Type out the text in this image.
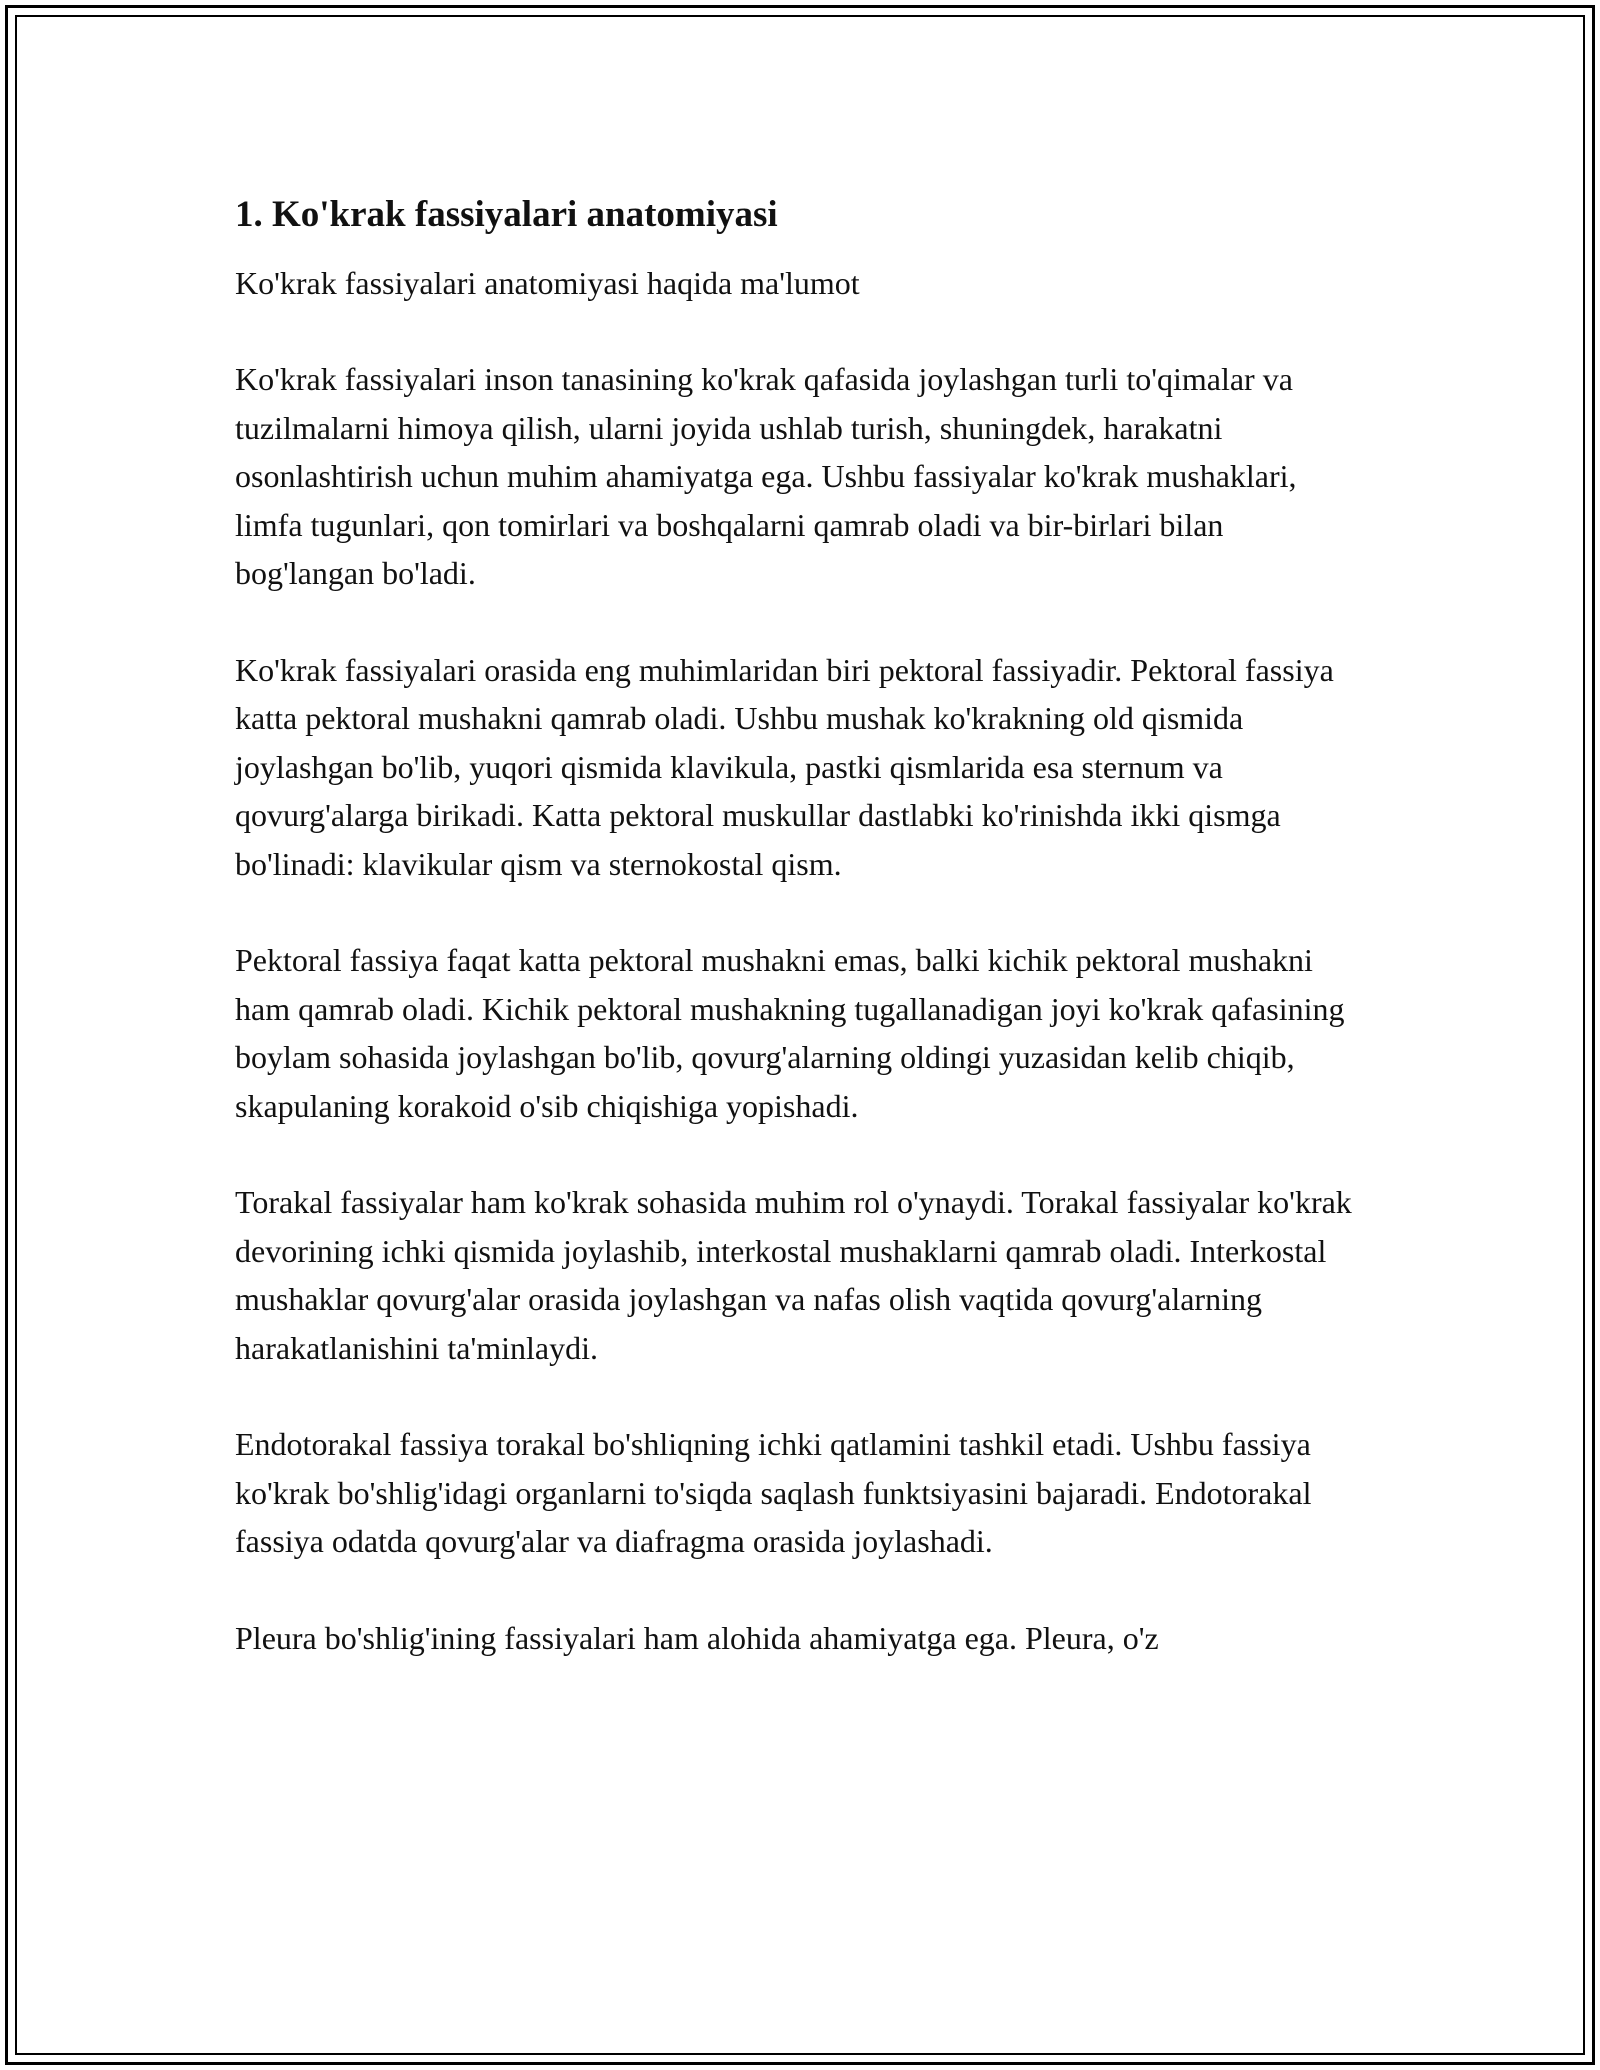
1. Ko'krak fassiyalari anatomiyasi

Ko'krak fassiyalari anatomiyasi haqida ma'lumot

Ko'krak fassiyalari inson tanasining ko'krak qafasida joylashgan turli to'qimalar va tuzilmalarni himoya qilish, ularni joyida ushlab turish, shuningdek, harakatni osonlashtirish uchun muhim ahamiyatga ega. Ushbu fassiyalar ko'krak mushaklari, limfa tugunlari, qon tomirlari va boshqalarni qamrab oladi va bir-birlari bilan bog'langan bo'ladi.

Ko'krak fassiyalari orasida eng muhimlaridan biri pektoral fassiyadir. Pektoral fassiya katta pektoral mushakni qamrab oladi. Ushbu mushak ko'krakning old qismida joylashgan bo'lib, yuqori qismida klavikula, pastki qismlarida esa sternum va qovurg'alarga birikadi. Katta pektoral muskullar dastlabki ko'rinishda ikki qismga bo'linadi: klavikular qism va sternokostal qism.

Pektoral fassiya faqat katta pektoral mushakni emas, balki kichik pektoral mushakni ham qamrab oladi. Kichik pektoral mushakning tugallanadigan joyi ko'krak qafasining boylam sohasida joylashgan bo'lib, qovurg'alarning oldingi yuzasidan kelib chiqib, skapulaning korakoid o'sib chiqishiga yopishadi.

Torakal fassiyalar ham ko'krak sohasida muhim rol o'ynaydi. Torakal fassiyalar ko'krak devorining ichki qismida joylashib, interkostal mushaklarni qamrab oladi. Interkostal mushaklar qovurg'alar orasida joylashgan va nafas olish vaqtida qovurg'alarning harakatlanishini ta'minlaydi.

Endotorakal fassiya torakal bo'shliqning ichki qatlamini tashkil etadi. Ushbu fassiya ko'krak bo'shlig'idagi organlarni to'siqda saqlash funktsiyasini bajaradi. Endotorakal fassiya odatda qovurg'alar va diafragma orasida joylashadi.

Pleura bo'shlig'ining fassiyalari ham alohida ahamiyatga ega. Pleura, o'z
